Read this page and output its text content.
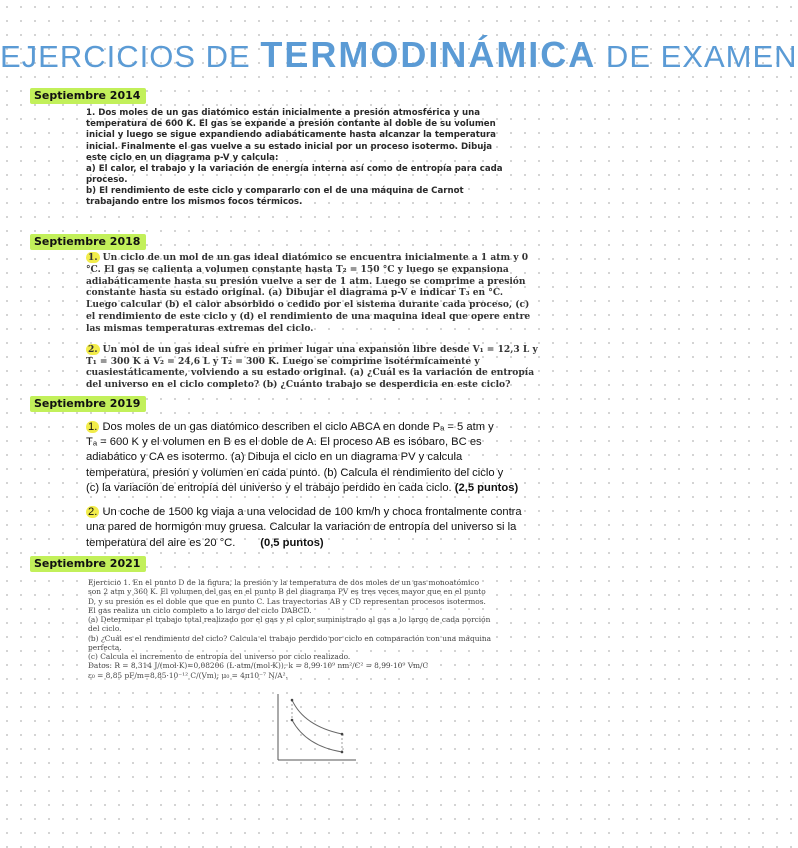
EJERCICIOS DE TERMODINÁMICA DE EXAMEN
Septiembre 2014

1. Dos moles de un gas diatómico están inicialmente a presión atmosférica y una

temperatura de 600 K. El gas se expande a presión contante al doble de su volumen

inicial y luego se sigue expandiendo adiabáticamente hasta alcanzar la temperatura

inicial. Finalmente el gas vuelve a su estado inicial por un proceso isotermo. Dibuja

este ciclo en un diagrama p-V y calcula:

a) El calor, el trabajo y la variación de energía interna así como de entropía para cada

proceso.

b) El rendimiento de este ciclo y compararlo con el de una máquina de Carnot

trabajando entre los mismos focos térmicos.

Septiembre 2018

1. Un ciclo de un mol de un gas ideal diatómico se encuentra inicialmente a 1 atm y 0

°C. El gas se calienta a volumen constante hasta T₂ = 150 °C y luego se expansiona

adiabáticamente hasta su presión vuelve a ser de 1 atm. Luego se comprime a presión

constante hasta su estado original. (a) Dibujar el diagrama p-V e indicar T₃ en °C.

Luego calcular (b) el calor absorbido o cedido por el sistema durante cada proceso, (c)

el rendimiento de este ciclo y (d) el rendimiento de una maquina ideal que opere entre

las mismas temperaturas extremas del ciclo.

2. Un mol de un gas ideal sufre en primer lugar una expansión libre desde V₁ = 12,3 L y

T₁ = 300 K a V₂ = 24,6 L y T₂ = 300 K. Luego se comprime isotérmicamente y

cuasiestáticamente, volviendo a su estado original. (a) ¿Cuál es la variación de entropía

del universo en el ciclo completo? (b) ¿Cuánto trabajo se desperdicia en este ciclo?

Septiembre 2019

1. Dos moles de un gas diatómico describen el ciclo ABCA en donde Pₐ = 5 atm y

Tₐ = 600 K y el volumen en B es el doble de A. El proceso AB es isóbaro, BC es

adiabático y CA es isotermo. (a) Dibuja el ciclo en un diagrama PV y calcula

temperatura, presión y volumen en cada punto. (b) Calcula el rendimiento del ciclo y

(c) la variación de entropía del universo y el trabajo perdido en cada ciclo. (2,5 puntos)

2. Un coche de 1500 kg viaja a una velocidad de 100 km/h y choca frontalmente contra

una pared de hormigón muy gruesa. Calcular la variación de entropía del universo si la

temperatura del aire es 20 °C. (0,5 puntos)

Septiembre 2021

Ejercicio 1. En el punto D de la figura, la presión y la temperatura de dos moles de un gas monoatómico

son 2 atm y 360 K. El volumen del gas en el punto B del diagrama PV es tres veces mayor que en el punto

D, y su presión es el doble que que en punto C. Las trayectorias AB y CD representan procesos isotermos.

El gas realiza un ciclo completo a lo largo del ciclo DABCD.

(a) Determinar el trabajo total realizado por el gas y el calor suministrado al gas a lo largo de cada porción

del ciclo.

(b) ¿Cuál es el rendimiento del ciclo? Calcula el trabajo perdido por ciclo en comparación con una máquina

perfecta.

(c) Calcula el incremento de entropía del universo por ciclo realizado.

Datos: R = 8,314 J/(mol·K)=0,08206 (L·atm/(mol·K)); k = 8,99·10⁹ nm²/C² = 8,99·10⁹ Vm/C

ε₀ = 8,85 pF/m=8,85·10⁻¹² C/(Vm); μ₀ = 4π10⁻⁷ N/A².
